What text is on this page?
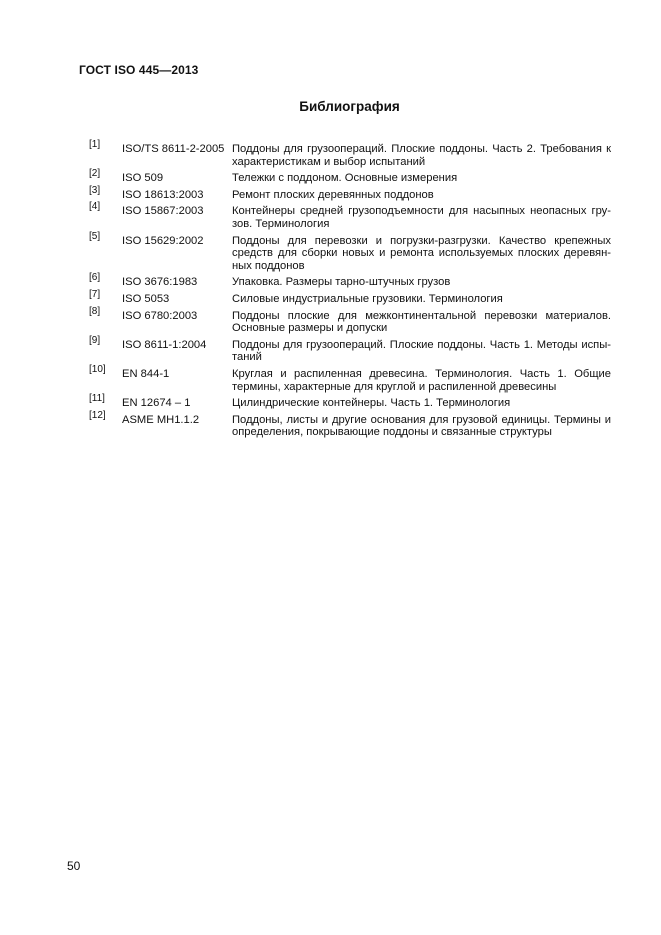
ГОСТ ISO 445—2013
Библиография
[1]	ISO/TS 8611-2-2005 Поддоны для грузоопераций. Плоские поддоны. Часть 2. Требования к характеристикам и выбор испытаний
[2]	ISO 509	Тележки с поддоном. Основные измерения
[3]	ISO 18613:2003	Ремонт плоских деревянных поддонов
[4]	ISO 15867:2003	Контейнеры средней грузоподъемности для насыпных неопасных гру-зов. Терминология
[5]	ISO 15629:2002	Поддоны для перевозки и погрузки-разгрузки. Качество крепежных средств для сборки новых и ремонта используемых плоских деревян-ных поддонов
[6]	ISO 3676:1983	Упаковка. Размеры тарно-штучных грузов
[7]	ISO 5053	Силовые индустриальные грузовики. Терминология
[8]	ISO 6780:2003	Поддоны плоские для межконтинентальной перевозки материалов. Основные размеры и допуски
[9]	ISO 8611-1:2004	Поддоны для грузоопераций. Плоские поддоны. Часть 1. Методы испы-таний
[10]	EN 844-1	Круглая и распиленная древесина. Терминология. Часть 1. Общие термины, характерные для круглой и распиленной древесины
[11]	EN 12674 – 1	Цилиндрические контейнеры. Часть 1. Терминология
[12]	ASME MH1.1.2	Поддоны, листы и другие основания для грузовой единицы. Термины и определения, покрывающие поддоны и связанные структуры
50
